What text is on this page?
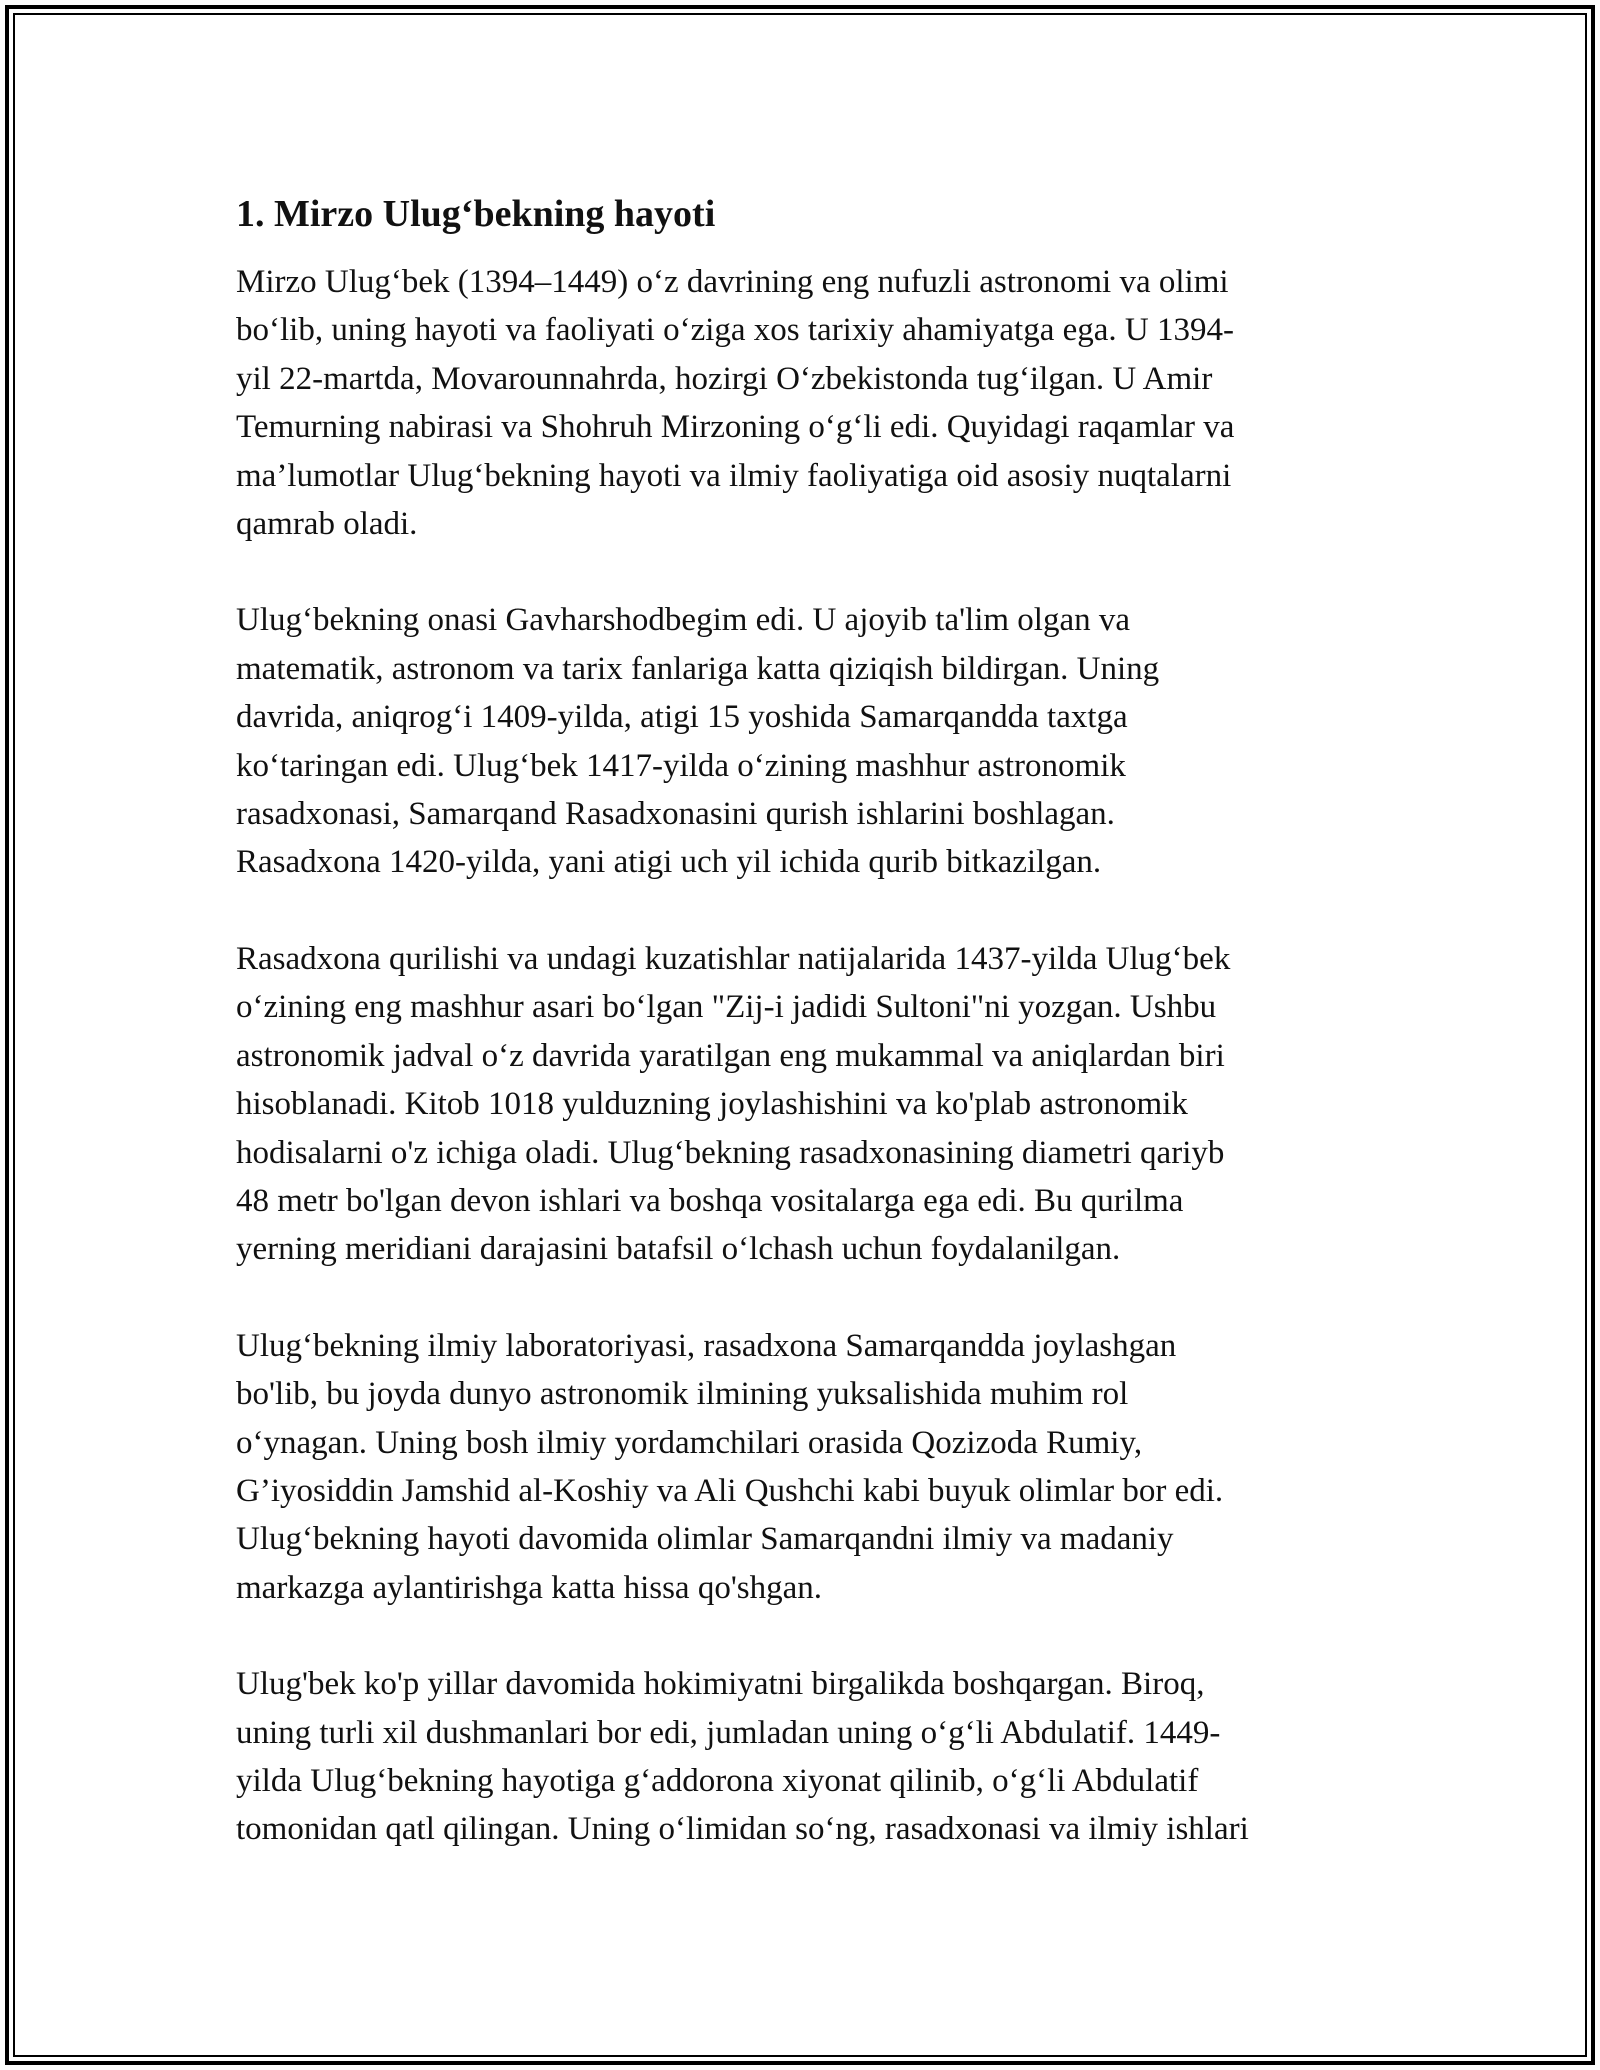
1. Mirzo Ulug‘bekning hayoti
Mirzo Ulug‘bek (1394–1449) o‘z davrining eng nufuzli astronomi va olimi
bo‘lib, uning hayoti va faoliyati o‘ziga xos tarixiy ahamiyatga ega. U 1394-
yil 22-martda, Movarounnahrda, hozirgi O‘zbekistonda tug‘ilgan. U Amir
Temurning nabirasi va Shohruh Mirzoning o‘g‘li edi. Quyidagi raqamlar va
ma’lumotlar Ulug‘bekning hayoti va ilmiy faoliyatiga oid asosiy nuqtalarni
qamrab oladi.
Ulug‘bekning onasi Gavharshodbegim edi. U ajoyib ta'lim olgan va
matematik, astronom va tarix fanlariga katta qiziqish bildirgan. Uning
davrida, aniqrog‘i 1409-yilda, atigi 15 yoshida Samarqandda taxtga
ko‘taringan edi. Ulug‘bek 1417-yilda o‘zining mashhur astronomik
rasadxonasi, Samarqand Rasadxonasini qurish ishlarini boshlagan.
Rasadxona 1420-yilda, yani atigi uch yil ichida qurib bitkazilgan.
Rasadxona qurilishi va undagi kuzatishlar natijalarida 1437-yilda Ulug‘bek
o‘zining eng mashhur asari bo‘lgan "Zij-i jadidi Sultoni"ni yozgan. Ushbu
astronomik jadval o‘z davrida yaratilgan eng mukammal va aniqlardan biri
hisoblanadi. Kitob 1018 yulduzning joylashishini va ko'plab astronomik
hodisalarni o'z ichiga oladi. Ulug‘bekning rasadxonasining diametri qariyb
48 metr bo'lgan devon ishlari va boshqa vositalarga ega edi. Bu qurilma
yerning meridiani darajasini batafsil o‘lchash uchun foydalanilgan.
Ulug‘bekning ilmiy laboratoriyasi, rasadxona Samarqandda joylashgan
bo'lib, bu joyda dunyo astronomik ilmining yuksalishida muhim rol
o‘ynagan. Uning bosh ilmiy yordamchilari orasida Qozizoda Rumiy,
G’iyosiddin Jamshid al-Koshiy va Ali Qushchi kabi buyuk olimlar bor edi.
Ulug‘bekning hayoti davomida olimlar Samarqandni ilmiy va madaniy
markazga aylantirishga katta hissa qo'shgan.
Ulug'bek ko'p yillar davomida hokimiyatni birgalikda boshqargan. Biroq,
uning turli xil dushmanlari bor edi, jumladan uning o‘g‘li Abdulatif. 1449-
yilda Ulug‘bekning hayotiga g‘addorona xiyonat qilinib, o‘g‘li Abdulatif
tomonidan qatl qilingan. Uning o‘limidan so‘ng, rasadxonasi va ilmiy ishlari
